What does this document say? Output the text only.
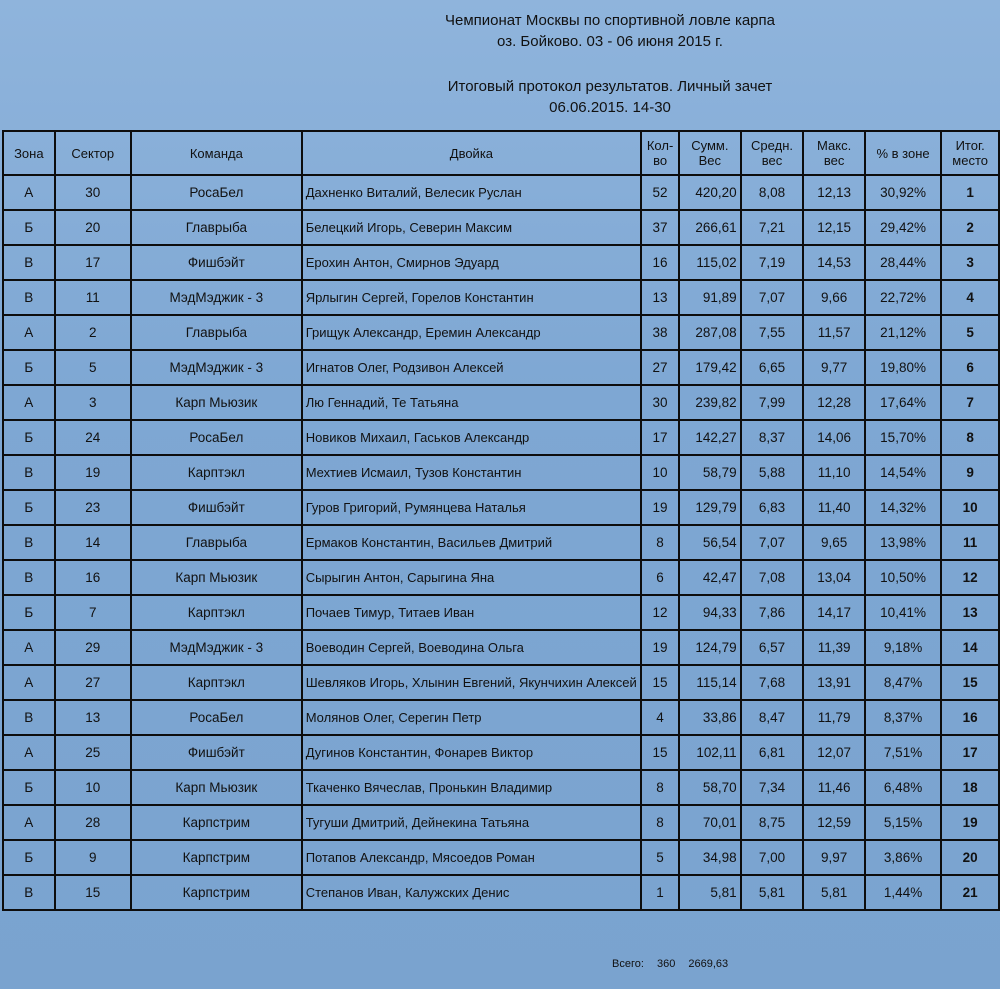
Чемпионат Москвы по спортивной ловле карпа
оз. Бойково. 03 - 06 июня 2015 г.
Итоговый протокол результатов. Личный зачет
06.06.2015. 14-30
Зона	Сектор	Команда	Двойка	Кол-во	Сумм. Вес	Средн. вес	Макс. вес	% в зоне	Итог. место
А	30	РосаБел	Дахненко Виталий, Велесик Руслан	52	420,20	8,08	12,13	30,92%	1
Б	20	Главрыба	Белецкий Игорь, Северин Максим	37	266,61	7,21	12,15	29,42%	2
В	17	Фишбэйт	Ерохин Антон, Смирнов Эдуард	16	115,02	7,19	14,53	28,44%	3
В	11	МэдМэджик - 3	Ярлыгин Сергей, Горелов Константин	13	91,89	7,07	9,66	22,72%	4
А	2	Главрыба	Грищук Александр, Еремин Александр	38	287,08	7,55	11,57	21,12%	5
Б	5	МэдМэджик - 3	Игнатов Олег, Родзивон Алексей	27	179,42	6,65	9,77	19,80%	6
А	3	Карп Мьюзик	Лю Геннадий, Те Татьяна	30	239,82	7,99	12,28	17,64%	7
Б	24	РосаБел	Новиков Михаил, Гаськов Александр	17	142,27	8,37	14,06	15,70%	8
В	19	Карптэкл	Мехтиев Исмаил, Тузов Константин	10	58,79	5,88	11,10	14,54%	9
Б	23	Фишбэйт	Гуров Григорий, Румянцева Наталья	19	129,79	6,83	11,40	14,32%	10
В	14	Главрыба	Ермаков Константин, Васильев Дмитрий	8	56,54	7,07	9,65	13,98%	11
В	16	Карп Мьюзик	Сырыгин Антон, Сарыгина Яна	6	42,47	7,08	13,04	10,50%	12
Б	7	Карптэкл	Почаев Тимур, Титаев Иван	12	94,33	7,86	14,17	10,41%	13
А	29	МэдМэджик - 3	Воеводин Сергей, Воеводина Ольга	19	124,79	6,57	11,39	9,18%	14
А	27	Карптэкл	Шевляков Игорь, Хлынин Евгений, Якунчихин Алексей	15	115,14	7,68	13,91	8,47%	15
В	13	РосаБел	Молянов Олег, Серегин Петр	4	33,86	8,47	11,79	8,37%	16
А	25	Фишбэйт	Дугинов Константин, Фонарев Виктор	15	102,11	6,81	12,07	7,51%	17
Б	10	Карп Мьюзик	Ткаченко Вячеслав, Пронькин Владимир	8	58,70	7,34	11,46	6,48%	18
А	28	Карпстрим	Тугуши Дмитрий, Дейнекина Татьяна	8	70,01	8,75	12,59	5,15%	19
Б	9	Карпстрим	Потапов Александр, Мясоедов Роман	5	34,98	7,00	9,97	3,86%	20
В	15	Карпстрим	Степанов Иван, Калужских Денис	1	5,81	5,81	5,81	1,44%	21
Всего: 360 2669,63
